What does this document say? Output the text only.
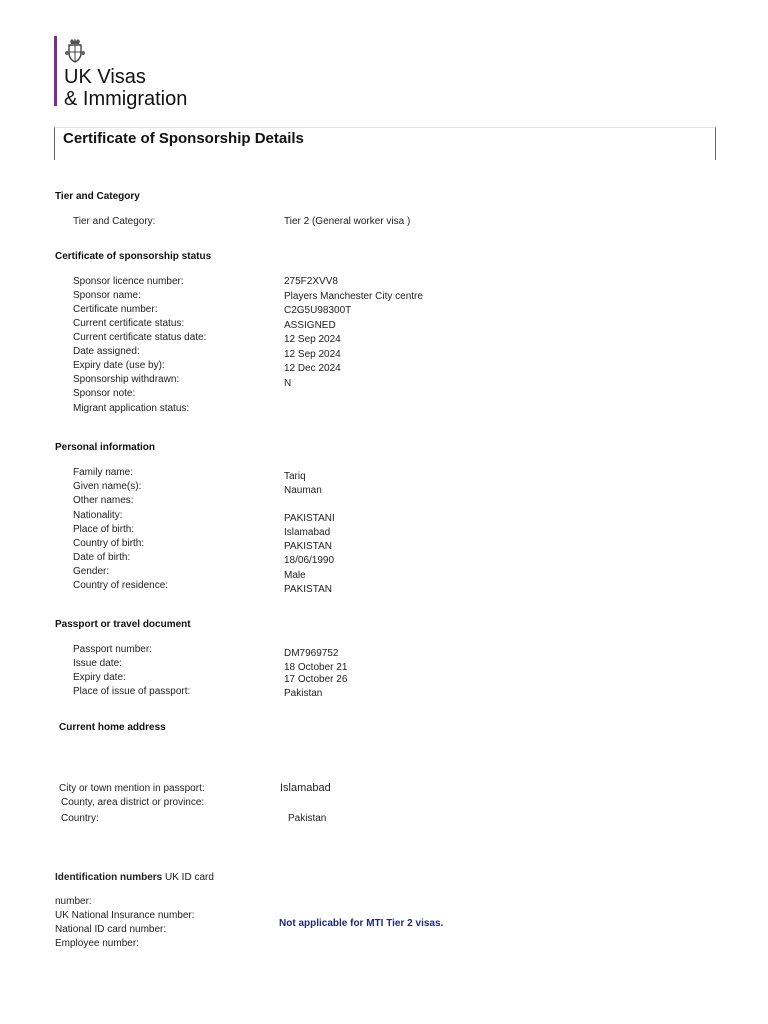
UK Visas
& Immigration
Certificate of Sponsorship Details
Tier and Category
Tier and Category:	Tier 2 (General worker visa )
Certificate of sponsorship status
Sponsor licence number:
Sponsor name:
Certificate number:
Current certificate status:
Current certificate status date:
Date assigned:
Expiry date (use by):
Sponsorship withdrawn:
Sponsor note:
Migrant application status:
275F2XVV8
Players Manchester City centre
C2G5U98300T
ASSIGNED
12 Sep 2024
12 Sep 2024
12 Dec 2024
N
Personal information
Family name:
Given name(s):
Other names:
Nationality:
Place of birth:
Country of birth:
Date of birth:
Gender:
Country of residence:
Tariq
Nauman
PAKISTANI
Islamabad
PAKISTAN
18/06/1990
Male
PAKISTAN
Passport or travel document
Passport number:
Issue date:
Expiry date:
Place of issue of passport:
DM7969752
18 October 21
17 October 26
Pakistan
Current home address
City or town mention in passport:
County, area district or province:
Country:
Islamabad
Pakistan
Identification numbers UK ID card
number:
UK National Insurance number:
National ID card number:
Employee number:
Not applicable for MTI Tier 2 visas.
